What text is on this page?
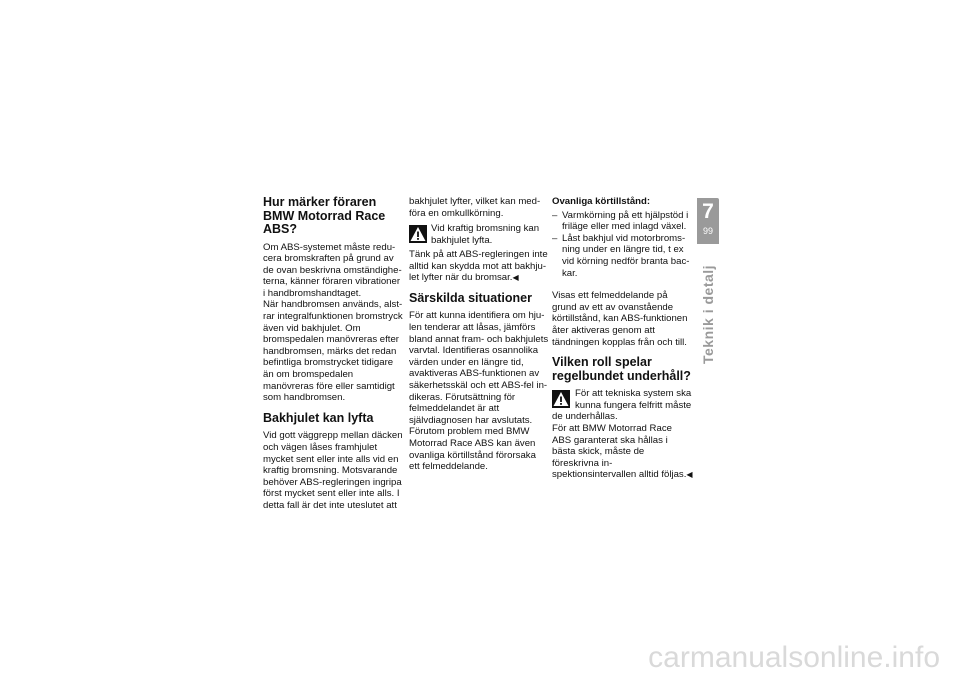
Hur märker föraren BMW Motorrad Race ABS?

Om ABS-systemet måste reducera bromskraften på grund av de ovan beskrivna omständigheterna, känner föraren vibrationer i handbromshandtaget.

När handbromsen används, alstrar integralfunktionen bromstryck även vid bakhjulet. Om bromspedalen manövreras efter handbromsen, märks det redan befintliga bromstrycket tidigare än om bromspedalen manövreras före eller samtidigt som handbromsen.

Bakhjulet kan lyfta

Vid gott väggrepp mellan däcken och vägen låses framhjulet mycket sent eller inte alls vid en kraftig bromsning. Motsvarande behöver ABS-regleringen ingripa först mycket sent eller inte alls. I detta fall är det inte uteslutet att

bakhjulet lyfter, vilket kan medföra en omkullkörning.

Vid kraftig bromsning kan bakhjulet lyfta.

Tänk på att ABS-regleringen inte alltid kan skydda mot att bakhjulet lyfter när du bromsar.◀

Särskilda situationer

För att kunna identifiera om hjulen tenderar att låsas, jämförs bland annat fram- och bakhjulets varvtal. Identifieras osannolika värden under en längre tid, avaktiveras ABS-funktionen av säkerhetsskäl och ett ABS-fel indikeras. Förutsättning för felmeddelandet är att självdiagnosen har avslutats.

Förutom problem med BMW Motorrad Race ABS kan även ovanliga körtillstånd förorsaka ett felmeddelande.

Ovanliga körtillstånd:
– Varmkörning på ett hjälpstöd i friläge eller med inlagd växel.
– Låst bakhjul vid motorbromsning under en längre tid, t ex vid körning nedför branta backar.

Visas ett felmeddelande på grund av ett av ovanstående körtillstånd, kan ABS-funktionen åter aktiveras genom att tändningen kopplas från och till.

Vilken roll spelar regelbundet underhåll?

För att tekniska system ska kunna fungera felfritt måste de underhållas.

För att BMW Motorrad Race ABS garanterat ska hållas i bästa skick, måste de föreskrivna inspektionsintervallen alltid följas.◀

7
99
Teknik i detalj
carmanualsonline.info
